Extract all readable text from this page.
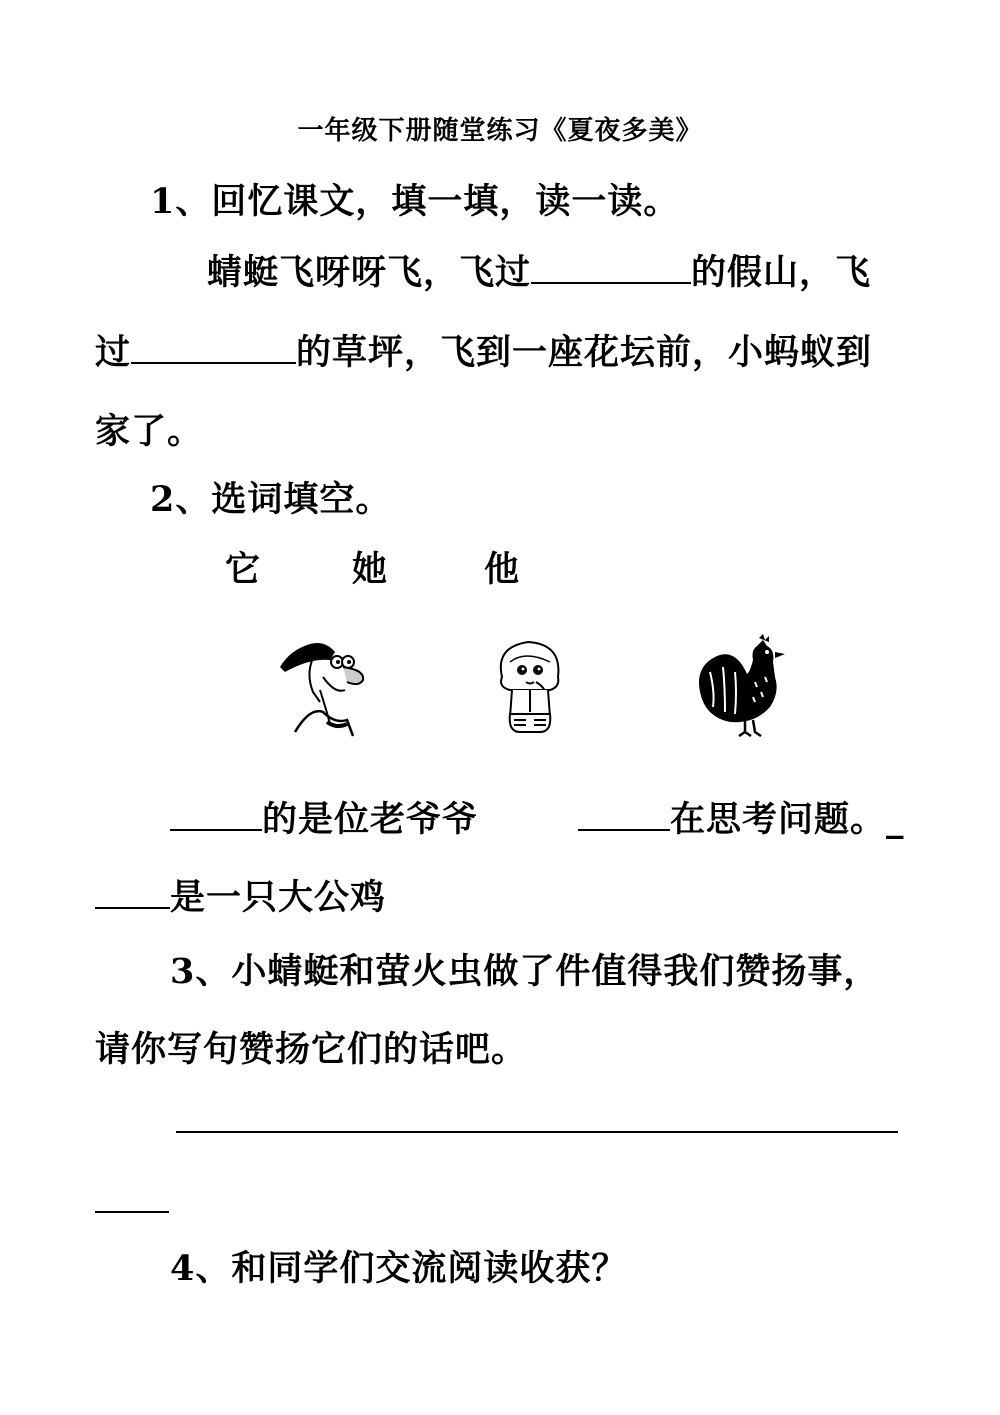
一年级下册随堂练习《夏夜多美》
1、回忆课文，填一填，读一读。
蜻蜓飞呀呀飞，飞过	的假山，飞
过	的草坪，飞到一座花坛前，小蚂蚁到
家了。
2、选词填空。
它	她	他
的是位老爷爷	在思考问题。_
是一只大公鸡
3、小蜻蜓和萤火虫做了件值得我们赞扬事，
请你写句赞扬它们的话吧。
4、和同学们交流阅读收获？
